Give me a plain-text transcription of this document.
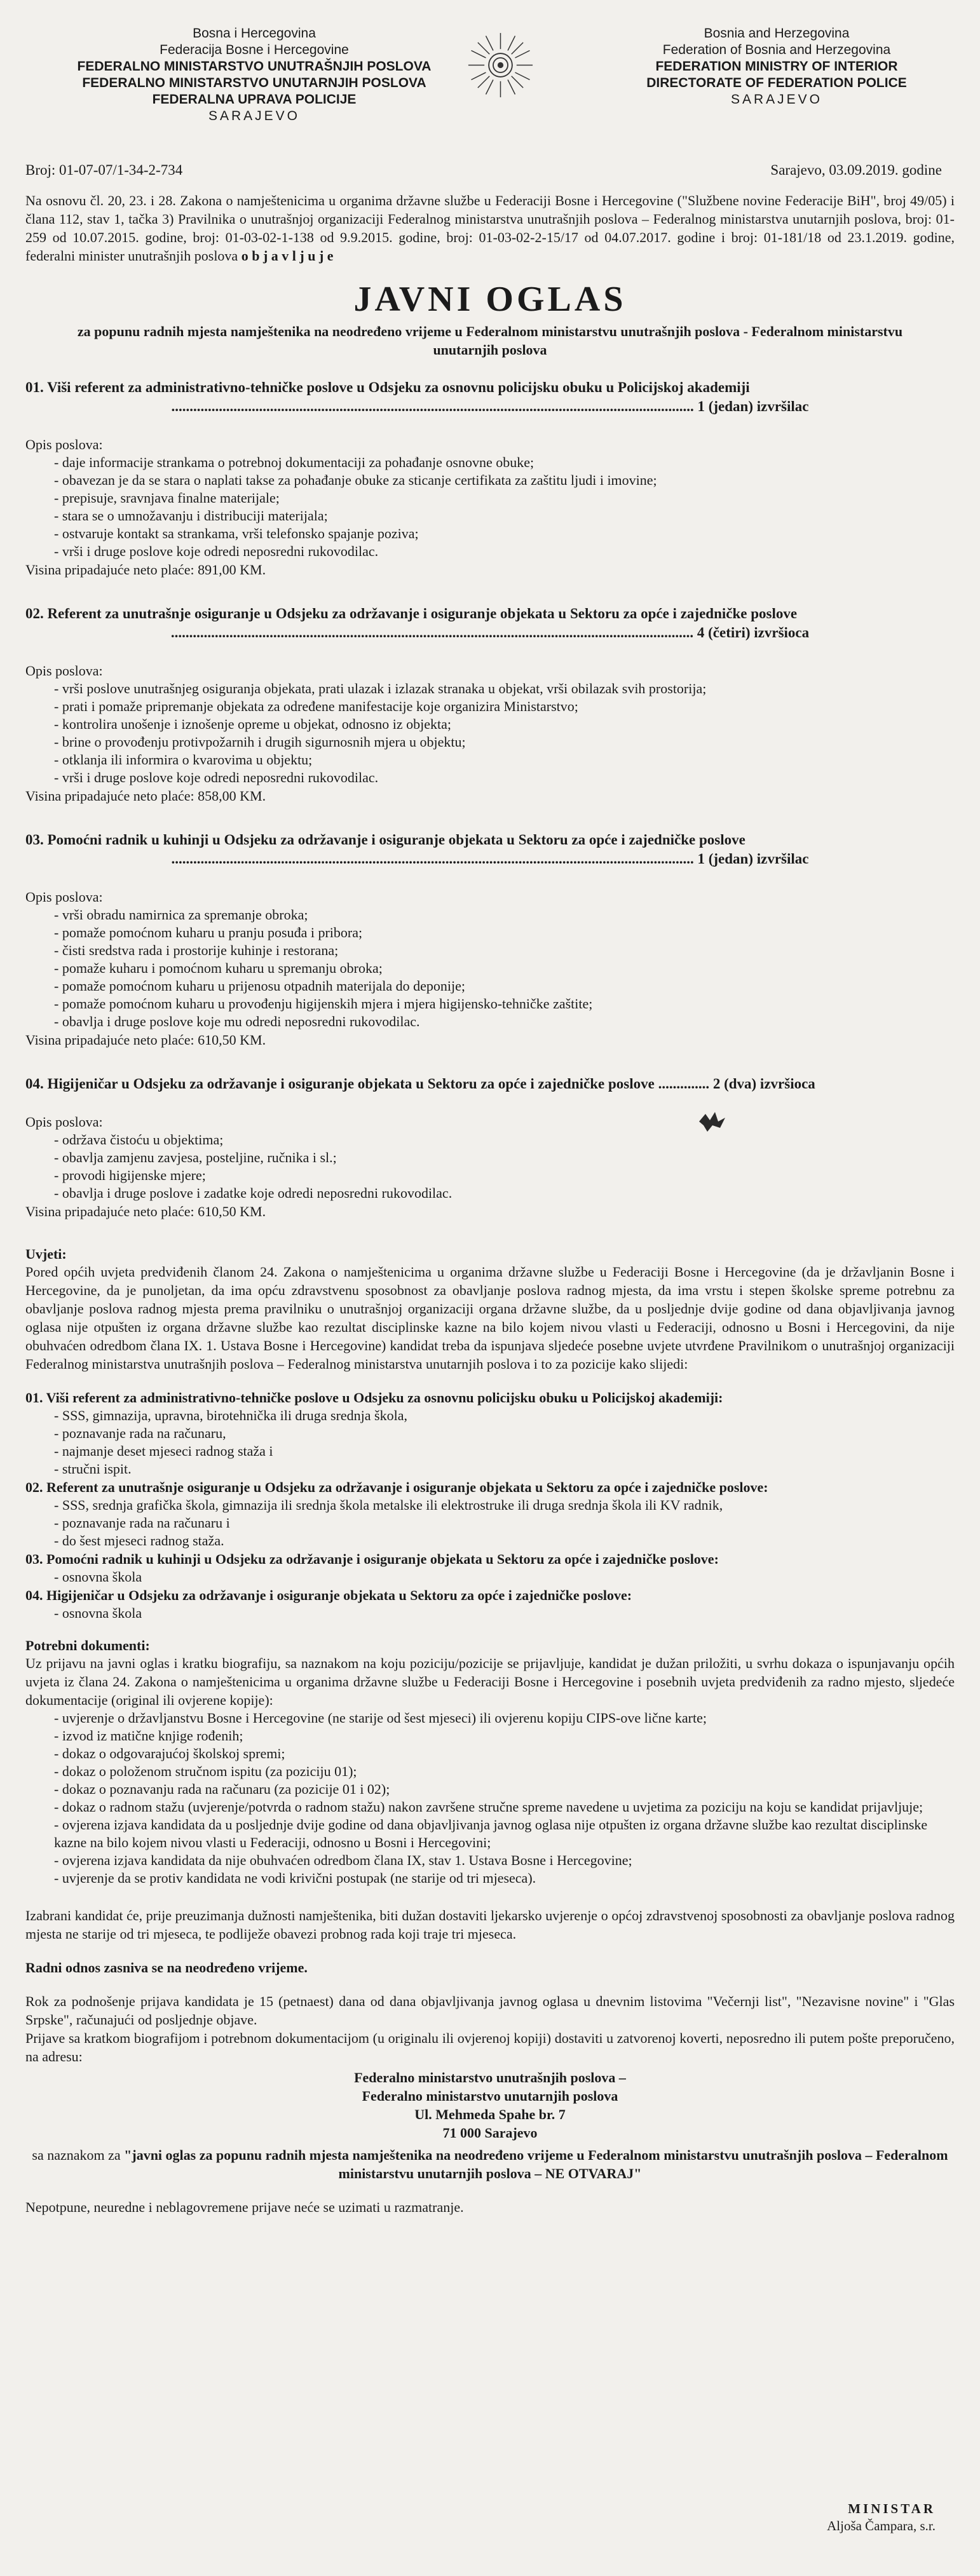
Bosna i Hercegovina
Federacija Bosne i Hercegovine
FEDERALNO MINISTARSTVO UNUTRAŠNJIH POSLOVA
FEDERALNO MINISTARSTVO UNUTARNJIH POSLOVA
FEDERALNA UPRAVA POLICIJE
SARAJEVO
Bosnia and Herzegovina
Federation of Bosnia and Herzegovina
FEDERATION MINISTRY OF INTERIOR
DIRECTORATE OF FEDERATION POLICE
SARAJEVO
Broj: 01-07-07/1-34-2-734	Sarajevo, 03.09.2019. godine

Na osnovu čl. 20, 23. i 28. Zakona o namještenicima u organima državne službe u Federaciji Bosne i Hercegovine ("Službene novine Federacije BiH", broj 49/05) i člana 112, stav 1, tačka 3) Pravilnika o unutrašnjoj organizaciji Federalnog ministarstva unutrašnjih poslova – Federalnog ministarstva unutarnjih poslova, broj: 01-259 od 10.07.2015. godine, broj: 01-03-02-1-138 od 9.9.2015. godine, broj: 01-03-02-2-15/17 od 04.07.2017. godine i broj: 01-181/18 od 23.1.2019. godine, federalni minister unutrašnjih poslova o b j a v l j u j e

JAVNI OGLAS
za popunu radnih mjesta namještenika na neodređeno vrijeme u Federalnom ministarstvu unutrašnjih poslova - Federalnom ministarstvu unutarnjih poslova
01. Viši referent za administrativno-tehničke poslove u Odsjeku za osnovnu policijsku obuku u Policijskoj akademiji
............................................................................................................................................... 1 (jedan) izvršilac
Opis poslova:
- daje informacije strankama o potrebnoj dokumentaciji za pohađanje osnovne obuke;
- obavezan je da se stara o naplati takse za pohađanje obuke za sticanje certifikata za zaštitu ljudi i imovine;
- prepisuje, sravnjava finalne materijale;
- stara se o umnožavanju i distribuciji materijala;
- ostvaruje kontakt sa strankama, vrši telefonsko spajanje poziva;
- vrši i druge poslove koje odredi neposredni rukovodilac.
Visina pripadajuće neto plaće: 891,00 KM.
02. Referent za unutrašnje osiguranje u Odsjeku za održavanje i osiguranje objekata u Sektoru za opće i zajedničke poslove
............................................................................................................................................... 4 (četiri) izvršioca
Opis poslova:
- vrši poslove unutrašnjeg osiguranja objekata, prati ulazak i izlazak stranaka u objekat, vrši obilazak svih prostorija;
- prati i pomaže pripremanje objekata za određene manifestacije koje organizira Ministarstvo;
- kontrolira unošenje i iznošenje opreme u objekat, odnosno iz objekta;
- brine o provođenju protivpožarnih i drugih sigurnosnih mjera u objektu;
- otklanja ili informira o kvarovima u objektu;
- vrši i druge poslove koje odredi neposredni rukovodilac.
Visina pripadajuće neto plaće: 858,00 KM.
03. Pomoćni radnik u kuhinji u Odsjeku za održavanje i osiguranje objekata u Sektoru za opće i zajedničke poslove
............................................................................................................................................... 1 (jedan) izvršilac
Opis poslova:
- vrši obradu namirnica za spremanje obroka;
- pomaže pomoćnom kuharu u pranju posuđa i pribora;
- čisti sredstva rada i prostorije kuhinje i restorana;
- pomaže kuharu i pomoćnom kuharu u spremanju obroka;
- pomaže pomoćnom kuharu u prijenosu otpadnih materijala do deponije;
- pomaže pomoćnom kuharu u provođenju higijenskih mjera i mjera higijensko-tehničke zaštite;
- obavlja i druge poslove koje mu odredi neposredni rukovodilac.
Visina pripadajuće neto plaće: 610,50 KM.
04. Higijeničar u Odsjeku za održavanje i osiguranje objekata u Sektoru za opće i zajedničke poslove .............. 2 (dva) izvršioca
Opis poslova:
- održava čistoću u objektima;
- obavlja zamjenu zavjesa, posteljine, ručnika i sl.;
- provodi higijenske mjere;
- obavlja i druge poslove i zadatke koje odredi neposredni rukovodilac.
Visina pripadajuće neto plaće: 610,50 KM.
Uvjeti:

Pored općih uvjeta predviđenih članom 24. Zakona o namještenicima u organima državne službe u Federaciji Bosne i Hercegovine (da je državljanin Bosne i Hercegovine, da je punoljetan, da ima opću zdravstvenu sposobnost za obavljanje poslova radnog mjesta, da ima vrstu i stepen školske spreme potrebnu za obavljanje poslova radnog mjesta prema pravilniku o unutrašnjoj organizaciji organa državne službe, da u posljednje dvije godine od dana objavljivanja javnog oglasa nije otpušten iz organa državne službe kao rezultat disciplinske kazne na bilo kojem nivou vlasti u Federaciji, odnosno u Bosni i Hercegovini, da nije obuhvaćen odredbom člana IX. 1. Ustava Bosne i Hercegovine) kandidat treba da ispunjava sljedeće posebne uvjete utvrđene Pravilnikom o unutrašnjoj organizaciji Federalnog ministarstva unutrašnjih poslova – Federalnog ministarstva unutarnjih poslova i to za pozicije kako slijedi:

01. Viši referent za administrativno-tehničke poslove u Odsjeku za osnovnu policijsku obuku u Policijskoj akademiji:
- SSS, gimnazija, upravna, birotehnička ili druga srednja škola,
- poznavanje rada na računaru,
- najmanje deset mjeseci radnog staža i
- stručni ispit.
02. Referent za unutrašnje osiguranje u Odsjeku za održavanje i osiguranje objekata u Sektoru za opće i zajedničke poslove:
- SSS, srednja grafička škola, gimnazija ili srednja škola metalske ili elektrostruke ili druga srednja škola ili KV radnik,
- poznavanje rada na računaru i
- do šest mjeseci radnog staža.
03. Pomoćni radnik u kuhinji u Odsjeku za održavanje i osiguranje objekata u Sektoru za opće i zajedničke poslove:
- osnovna škola
04. Higijeničar u Odsjeku za održavanje i osiguranje objekata u Sektoru za opće i zajedničke poslove:
- osnovna škola
Potrebni dokumenti:

Uz prijavu na javni oglas i kratku biografiju, sa naznakom na koju poziciju/pozicije se prijavljuje, kandidat je dužan priložiti, u svrhu dokaza o ispunjavanju općih uvjeta iz člana 24. Zakona o namještenicima u organima državne službe u Federaciji Bosne i Hercegovine i posebnih uvjeta predviđenih za radno mjesto, sljedeće dokumentacije (original ili ovjerene kopije):

- uvjerenje o državljanstvu Bosne i Hercegovine (ne starije od šest mjeseci) ili ovjerenu kopiju CIPS-ove lične karte;
- izvod iz matične knjige rođenih;
- dokaz o odgovarajućoj školskoj spremi;
- dokaz o položenom stručnom ispitu (za poziciju 01);
- dokaz o poznavanju rada na računaru (za pozicije 01 i 02);
- dokaz o radnom stažu (uvjerenje/potvrda o radnom stažu) nakon završene stručne spreme navedene u uvjetima za poziciju na koju se kandidat prijavljuje;
- ovjerena izjava kandidata da u posljednje dvije godine od dana objavljivanja javnog oglasa nije otpušten iz organa državne službe kao rezultat disciplinske kazne na bilo kojem nivou vlasti u Federaciji, odnosno u Bosni i Hercegovini;
- ovjerena izjava kandidata da nije obuhvaćen odredbom člana IX, stav 1. Ustava Bosne i Hercegovine;
- uvjerenje da se protiv kandidata ne vodi krivični postupak (ne starije od tri mjeseca).

Izabrani kandidat će, prije preuzimanja dužnosti namještenika, biti dužan dostaviti ljekarsko uvjerenje o općoj zdravstvenoj sposobnosti za obavljanje poslova radnog mjesta ne starije od tri mjeseca, te podliježe obavezi probnog rada koji traje tri mjeseca.

Radni odnos zasniva se na neodređeno vrijeme.

Rok za podnošenje prijava kandidata je 15 (petnaest) dana od dana objavljivanja javnog oglasa u dnevnim listovima "Večernji list", "Nezavisne novine" i "Glas Srpske", računajući od posljednje objave.

Prijave sa kratkom biografijom i potrebnom dokumentacijom (u originalu ili ovjerenoj kopiji) dostaviti u zatvorenoj koverti, neposredno ili putem pošte preporučeno, na adresu:

Federalno ministarstvo unutrašnjih poslova –
Federalno ministarstvo unutarnjih poslova
Ul. Mehmeda Spahe br. 7
71 000 Sarajevo

sa naznakom za "javni oglas za popunu radnih mjesta namještenika na neodređeno vrijeme u Federalnom ministarstvu unutrašnjih poslova – Federalnom ministarstvu unutarnjih poslova – NE OTVARAJ"

Nepotpune, neuredne i neblagovremene prijave neće se uzimati u razmatranje.

MINISTAR
Aljoša Čampara, s.r.
